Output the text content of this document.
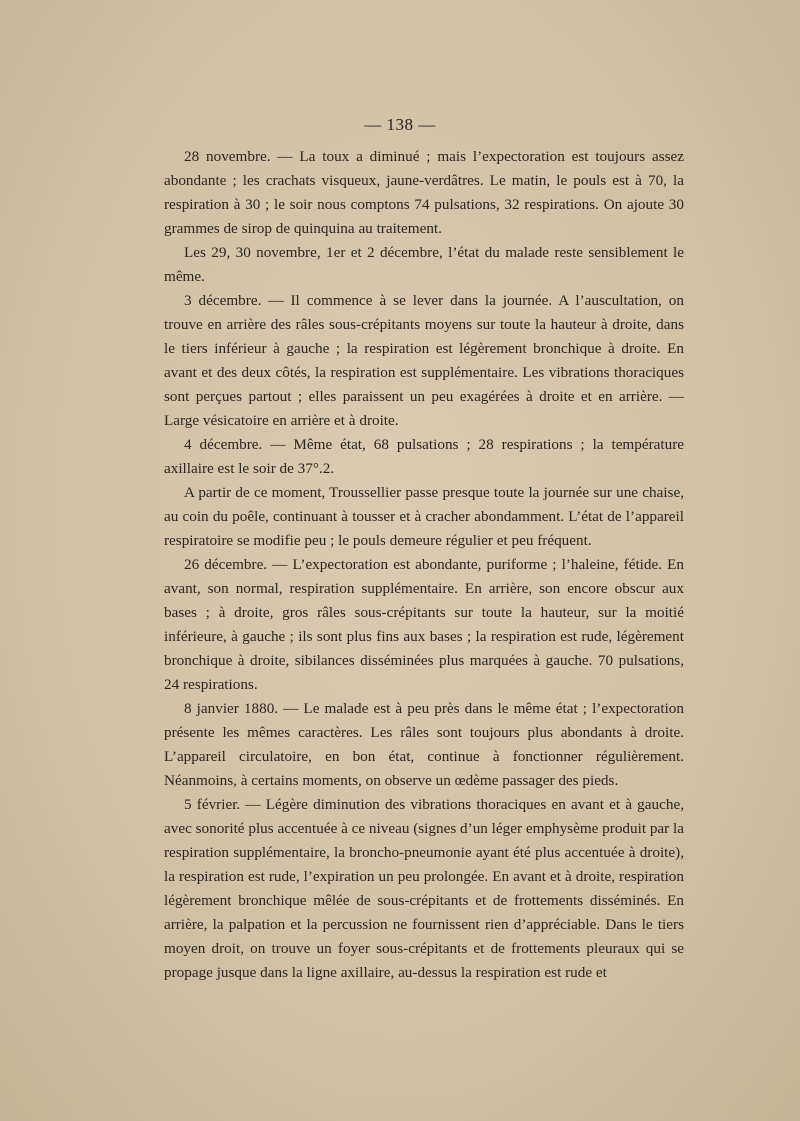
— 138 —

28 novembre. — La toux a diminué ; mais l’expectoration est toujours assez abondante ; les crachats visqueux, jaune-verdâtres. Le matin, le pouls est à 70, la respiration à 30 ; le soir nous comptons 74 pulsations, 32 respirations. On ajoute 30 grammes de sirop de quinquina au traitement.

Les 29, 30 novembre, 1er et 2 décembre, l’état du malade reste sensiblement le même.

3 décembre. — Il commence à se lever dans la journée. A l’auscultation, on trouve en arrière des râles sous-crépitants moyens sur toute la hauteur à droite, dans le tiers inférieur à gauche ; la respiration est légèrement bronchique à droite. En avant et des deux côtés, la respiration est supplémentaire. Les vibrations thoraciques sont perçues partout ; elles paraissent un peu exagérées à droite et en arrière. — Large vésicatoire en arrière et à droite.

4 décembre. — Même état, 68 pulsations ; 28 respirations ; la température axillaire est le soir de 37°.2.

A partir de ce moment, Troussellier passe presque toute la journée sur une chaise, au coin du poêle, continuant à tousser et à cracher abondamment. L’état de l’appareil respiratoire se modifie peu ; le pouls demeure régulier et peu fréquent.

26 décembre. — L’expectoration est abondante, puriforme ; l’haleine, fétide. En avant, son normal, respiration supplémentaire. En arrière, son encore obscur aux bases ; à droite, gros râles sous-crépitants sur toute la hauteur, sur la moitié inférieure, à gauche ; ils sont plus fins aux bases ; la respiration est rude, légèrement bronchique à droite, sibilances disséminées plus marquées à gauche. 70 pulsations, 24 respirations.

8 janvier 1880. — Le malade est à peu près dans le même état ; l’expectoration présente les mêmes caractères. Les râles sont toujours plus abondants à droite. L’appareil circulatoire, en bon état, continue à fonctionner régulièrement. Néanmoins, à certains moments, on observe un œdème passager des pieds.

5 février. — Légère diminution des vibrations thoraciques en avant et à gauche, avec sonorité plus accentuée à ce niveau (signes d’un léger emphysème produit par la respiration supplémentaire, la broncho-pneumonie ayant été plus accentuée à droite), la respiration est rude, l’expiration un peu prolongée. En avant et à droite, respiration légèrement bronchique mêlée de sous-crépitants et de frottements disséminés. En arrière, la palpation et la percussion ne fournissent rien d’appréciable. Dans le tiers moyen droit, on trouve un foyer sous-crépitants et de frottements pleuraux qui se propage jusque dans la ligne axillaire, au-dessus la respiration est rude et
